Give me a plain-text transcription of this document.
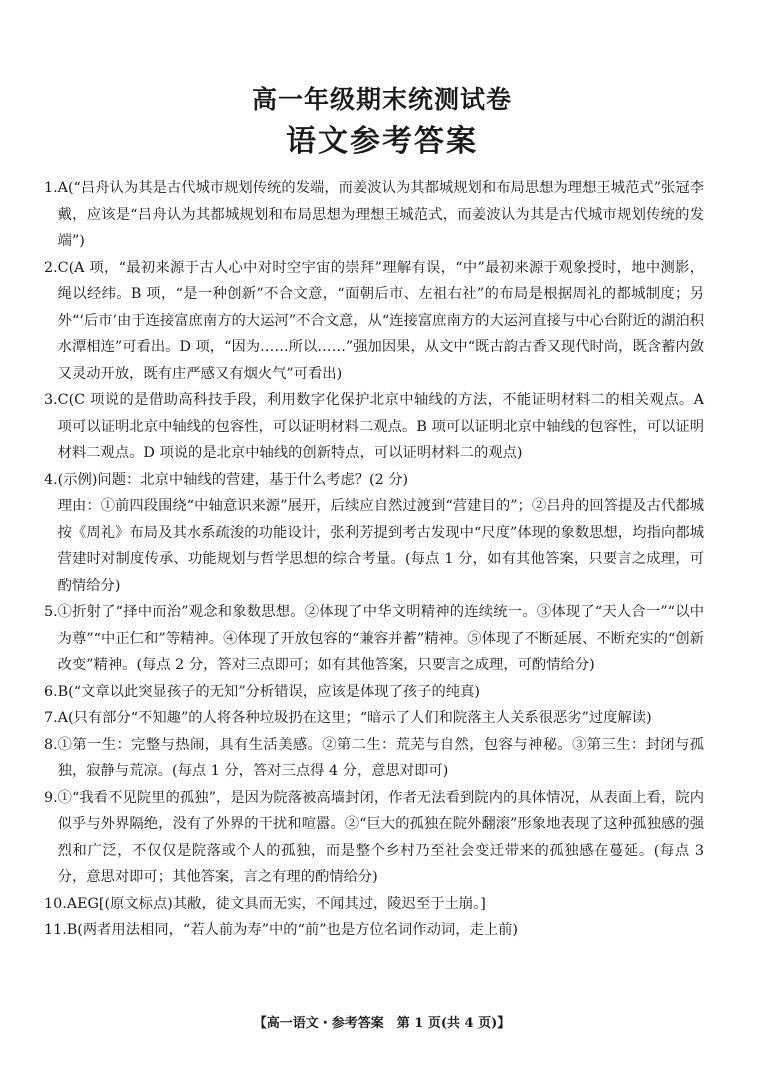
高一年级期末统测试卷
语文参考答案
1. A(“吕舟认为其是古代城市规划传统的发端，而姜波认为其都城规划和布局思想为理想王城范式”张冠李戴，应该是“吕舟认为其都城规划和布局思想为理想王城范式，而姜波认为其是古代城市规划传统的发端”)
2. C(A 项，“最初来源于古人心中对时空宇宙的崇拜”理解有误，“中”最初来源于观象授时，地中测影，绳以经纬。B 项，“是一种创新”不合文意，“面朝后市、左祖右社”的布局是根据周礼的都城制度；另外“‘后市’由于连接富庶南方的大运河”不合文意，从“连接富庶南方的大运河直接与中心台附近的湖泊积水潭相连”可看出。D 项，“因为……所以……”强加因果，从文中“既古韵古香又现代时尚，既含蓄内敛又灵动开放，既有庄严感又有烟火气”可看出)
3. C(C 项说的是借助高科技手段，利用数字化保护北京中轴线的方法，不能证明材料二的相关观点。A 项可以证明北京中轴线的包容性，可以证明材料二观点。B 项可以证明北京中轴线的包容性，可以证明材料二观点。D 项说的是北京中轴线的创新特点，可以证明材料二的观点)
4. (示例)问题：北京中轴线的营建，基于什么考虑？(2 分)

理由：①前四段围绕“中轴意识来源”展开，后续应自然过渡到“营建目的”；②吕舟的回答提及古代都城按《周礼》布局及其水系疏浚的功能设计，张利芳提到考古发现中“尺度”体现的象数思想，均指向都城营建时对制度传承、功能规划与哲学思想的综合考量。(每点 1 分，如有其他答案，只要言之成理，可酌情给分)
5. ①折射了“择中而治”观念和象数思想。②体现了中华文明精神的连续统一。③体现了“天人合一”“以中为尊”“中正仁和”等精神。④体现了开放包容的“兼容并蓄”精神。⑤体现了不断延展、不断充实的“创新改变”精神。(每点 2 分，答对三点即可；如有其他答案，只要言之成理，可酌情给分)
6. B(“文章以此突显孩子的无知”分析错误，应该是体现了孩子的纯真)
7. A(只有部分“不知趣”的人将各种垃圾扔在这里；“暗示了人们和院落主人关系很恶劣”过度解读)
8. ①第一生：完整与热闹，具有生活美感。②第二生：荒芜与自然，包容与神秘。③第三生：封闭与孤独，寂静与荒凉。(每点 1 分，答对三点得 4 分，意思对即可)
9. ①“我看不见院里的孤独”，是因为院落被高墙封闭，作者无法看到院内的具体情况，从表面上看，院内似乎与外界隔绝，没有了外界的干扰和喧嚣。②“巨大的孤独在院外翻滚”形象地表现了这种孤独感的强烈和广泛，不仅仅是院落或个人的孤独，而是整个乡村乃至社会变迁带来的孤独感在蔓延。(每点 3 分，意思对即可；其他答案，言之有理的酌情给分)
10. AEG[(原文标点)其敝，徒文具而无实，不闻其过，陵迟至于土崩。]
11. B(两者用法相同，“若人前为寿”中的“前”也是方位名词作动词，走上前)
【高一语文・参考答案　第 1 页(共 4 页)】
